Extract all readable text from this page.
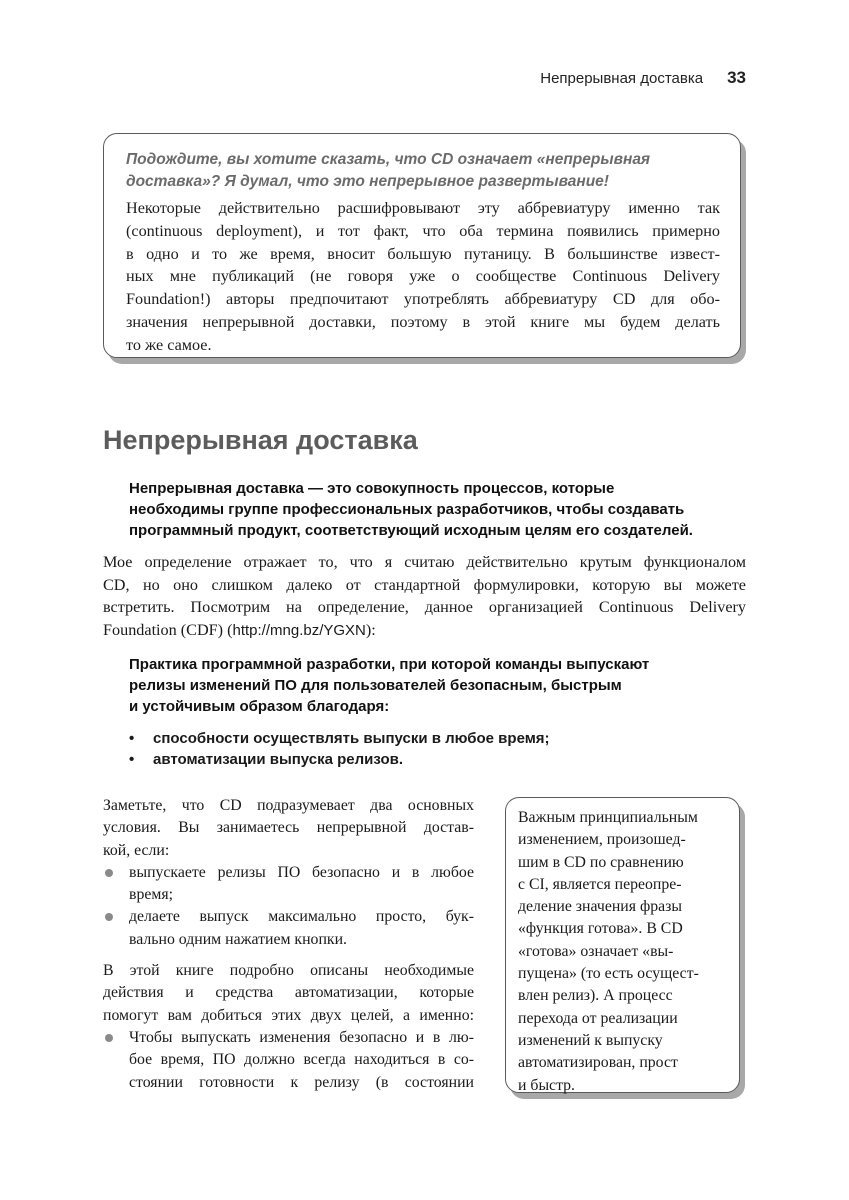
Непрерывная доставка 33
Подождите, вы хотите сказать, что CD означает «непрерывная
доставка»? Я думал, что это непрерывное развертывание!
Некоторые действительно расшифровывают эту аббревиатуру именно так
(continuous deployment), и тот факт, что оба термина появились примерно
в одно и то же время, вносит большую путаницу. В большинстве извест-
ных мне публикаций (не говоря уже о сообществе Continuous Delivery
Foundation!) авторы предпочитают употреблять аббревиатуру CD для обо-
значения непрерывной доставки, поэтому в этой книге мы будем делать
то же самое.
Непрерывная доставка
Непрерывная доставка — это совокупность процессов, которые
необходимы группе профессиональных разработчиков, чтобы создавать
программный продукт, соответствующий исходным целям его создателей.
Мое определение отражает то, что я считаю действительно крутым функционалом
CD, но оно слишком далеко от стандартной формулировки, которую вы можете
встретить. Посмотрим на определение, данное организацией Continuous Delivery
Foundation (CDF) (http://mng.bz/YGXN):
Практика программной разработки, при которой команды выпускают
релизы изменений ПО для пользователей безопасным, быстрым
и устойчивым образом благодаря:
• способности осуществлять выпуски в любое время;
• автоматизации выпуска релизов.
Заметьте, что CD подразумевает два основных
условия. Вы занимаетесь непрерывной достав-
кой, если:
выпускаете релизы ПО безопасно и в любое
время;
делаете выпуск максимально просто, бук-
вально одним нажатием кнопки.
В этой книге подробно описаны необходимые
действия и средства автоматизации, которые
помогут вам добиться этих двух целей, а именно:
Чтобы выпускать изменения безопасно и в лю-
бое время, ПО должно всегда находиться в со-
стоянии готовности к релизу (в состоянии
Важным принципиальным
изменением, произошед-
шим в CD по сравнению
с CI, является переопре-
деление значения фразы
«функция готова». В CD
«готова» означает «вы-
пущена» (то есть осущест-
влен релиз). А процесс
перехода от реализации
изменений к выпуску
автоматизирован, прост
и быстр.
